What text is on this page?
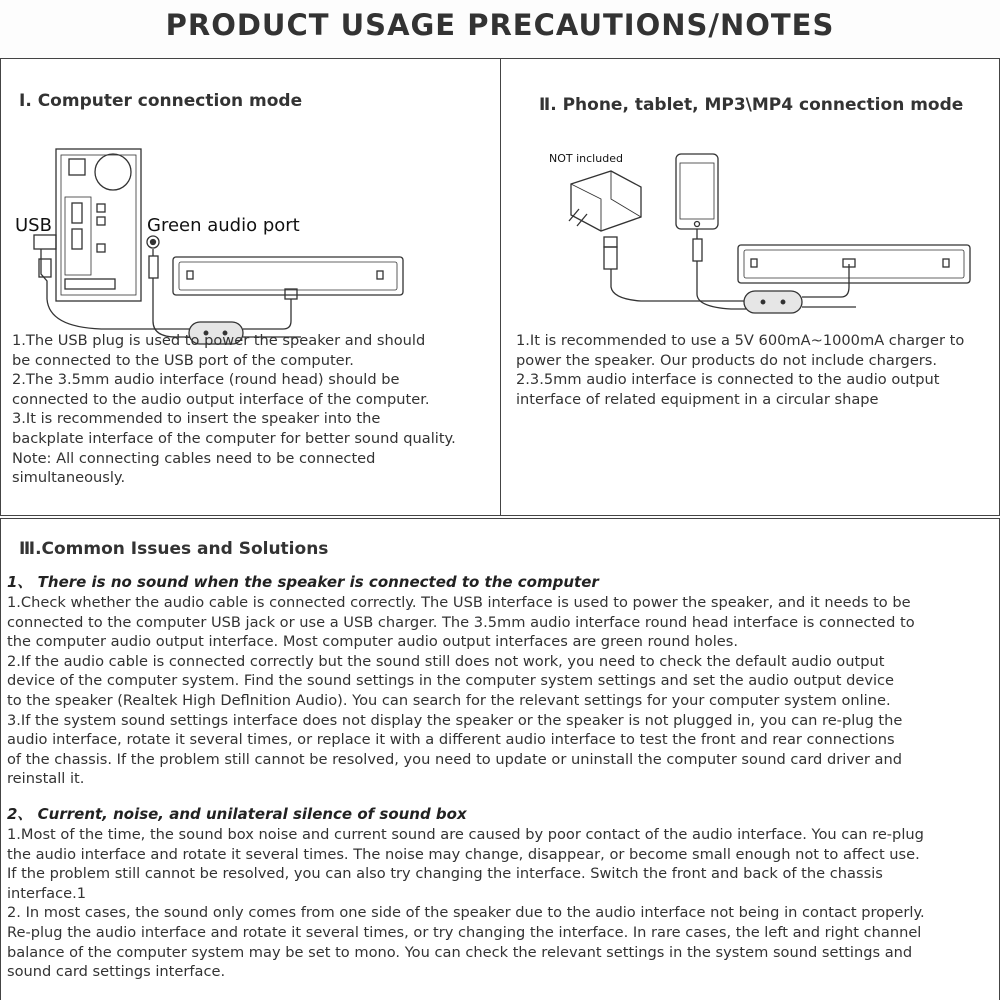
PRODUCT USAGE PRECAUTIONS/NOTES
Ⅰ. Computer connection mode
USB	Green audio port
1.The USB plug is used to power the speaker and should
be connected to the USB port of the computer.
2.The 3.5mm audio interface (round head) should be
connected to the audio output interface of the computer.
3.It is recommended to insert the speaker into the
backplate interface of the computer for better sound quality.
Note: All connecting cables need to be connected
simultaneously.
Ⅱ. Phone, tablet, MP3\MP4 connection mode
NOT included
1.It is recommended to use a 5V 600mA~1000mA charger to
power the speaker. Our products do not include chargers.
2.3.5mm audio interface is connected to the audio output
interface of related equipment in a circular shape
Ⅲ.Common Issues and Solutions
1、 There is no sound when the speaker is connected to the computer
1.Check whether the audio cable is connected correctly. The USB interface is used to power the speaker, and it needs to be
connected to the computer USB jack or use a USB charger. The 3.5mm audio interface round head interface is connected to
the computer audio output interface. Most computer audio output interfaces are green round holes.
2.If the audio cable is connected correctly but the sound still does not work, you need to check the default audio output
device of the computer system. Find the sound settings in the computer system settings and set the audio output device
to the speaker (Realtek High Deflnition Audio). You can search for the relevant settings for your computer system online.
3.If the system sound settings interface does not display the speaker or the speaker is not plugged in, you can re-plug the
audio interface, rotate it several times, or replace it with a different audio interface to test the front and rear connections
of the chassis. If the problem still cannot be resolved, you need to update or uninstall the computer sound card driver and
reinstall it.
2、 Current, noise, and unilateral silence of sound box
1.Most of the time, the sound box noise and current sound are caused by poor contact of the audio interface. You can re-plug
the audio interface and rotate it several times. The noise may change, disappear, or become small enough not to affect use.
If the problem still cannot be resolved, you can also try changing the interface. Switch the front and back of the chassis
interface.1
2. In most cases, the sound only comes from one side of the speaker due to the audio interface not being in contact properly.
Re-plug the audio interface and rotate it several times, or try changing the interface. In rare cases, the left and right channel
balance of the computer system may be set to mono. You can check the relevant settings in the system sound settings and
sound card settings interface.
